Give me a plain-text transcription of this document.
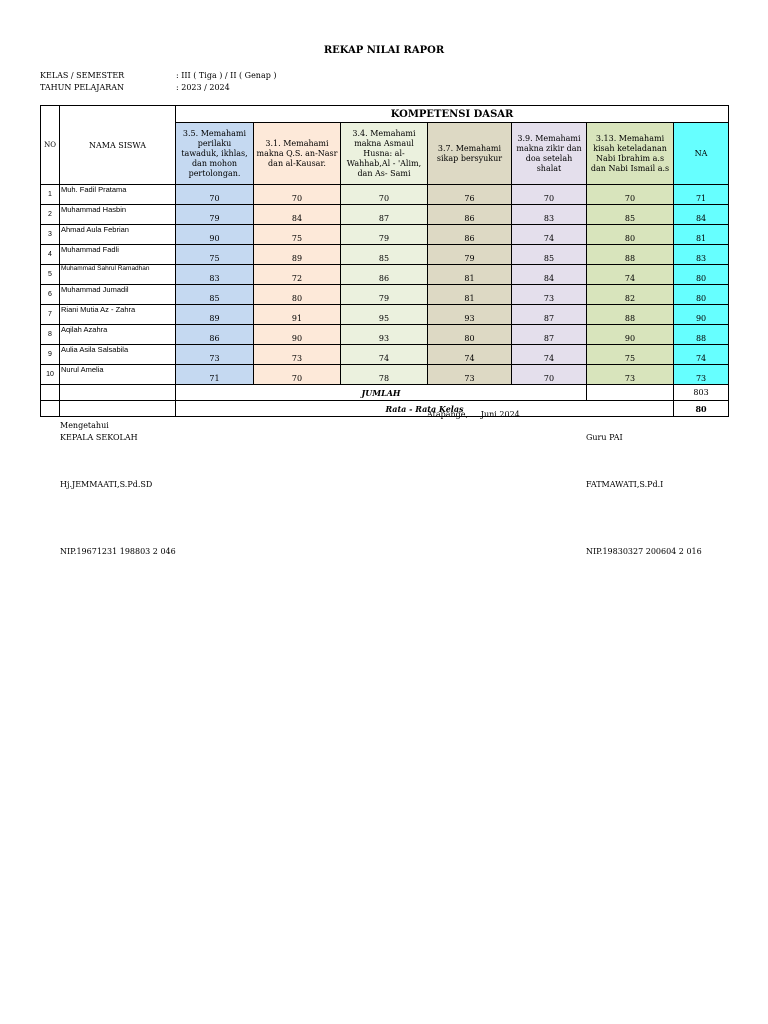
REKAP NILAI RAPOR
KELAS / SEMESTER	: III ( Tiga ) / II ( Genap )
TAHUN PELAJARAN	: 2023 / 2024
NO	NAMA SISWA	KOMPETENSI DASAR						
		3.5. Memahami perilaku tawaduk, ikhlas, dan mohon pertolongan.	3.1. Memahami makna Q.S. an-Nasr dan al-Kausar.	3.4. Memahami makna Asmaul Husna: al-Wahhab,Al - 'Alim, dan As- Sami	3.7. Memahami sikap bersyukur	3.9. Memahami makna zikir dan doa setelah shalat	3.13. Memahami kisah keteladanan Nabi Ibrahim a.s dan Nabi Ismail a.s	NA
1	Muh. Fadil Pratama	70	70	70	76	70	70	71
2	Muhammad Hasbin	79	84	87	86	83	85	84
3	Ahmad Aula Febrian	90	75	79	86	74	80	81
4	Muhammad Fadli	75	89	85	79	85	88	83
5	Muhammad Sahrul Ramadhan	83	72	86	81	84	74	80
6	Muhammad Jumadil	85	80	79	81	73	82	80
7	Riani Mutia Az - Zahra	89	91	95	93	87	88	90
8	Aqilah Azahra	86	90	93	80	87	90	88
9	Aulia Asila Salsabila	73	73	74	74	74	75	74
10	Nurul Amelia	71	70	78	73	70	73	73
		JUMLAH						803
		Rata - Rata Kelas						80
Atapange,     Juni 2024
Mengetahui
KEPALA SEKOLAH	Guru PAI
Hj.JEMMAATI,S.Pd.SD	FATMAWATI,S.Pd.I
NIP.19671231 198803 2 046	NIP.19830327 200604 2 016
